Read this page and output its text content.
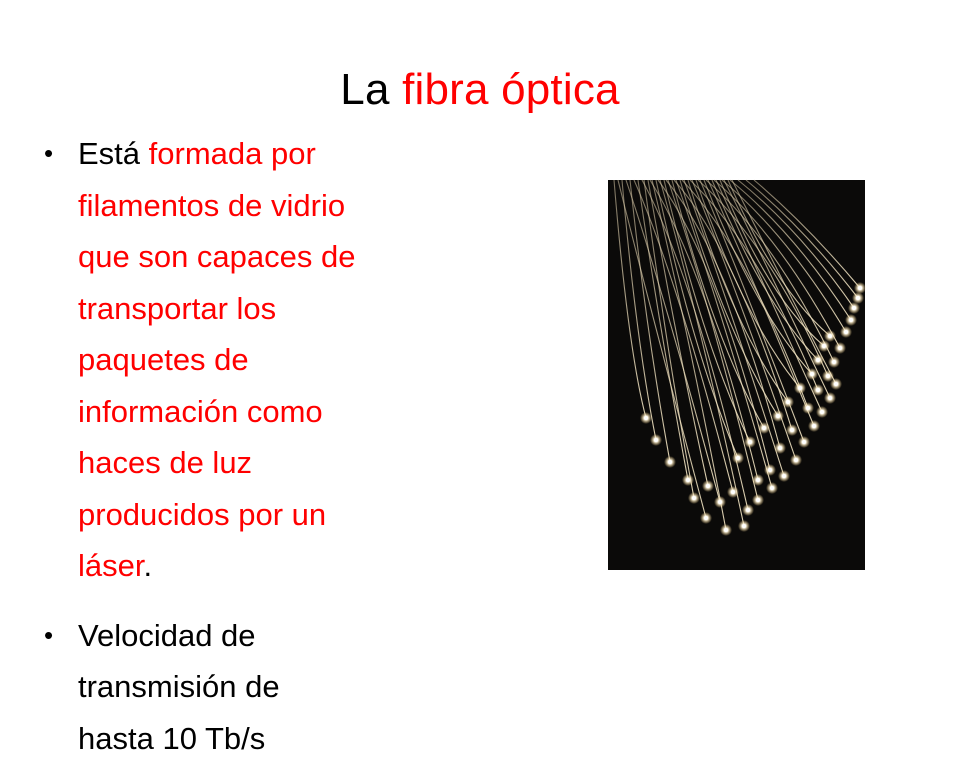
La fibra óptica
• Está formada por
filamentos de vidrio
que son capaces de
transportar los
paquetes de
información como
haces de luz
producidos por un
láser.
• Velocidad de
transmisión de
hasta 10 Tb/s
